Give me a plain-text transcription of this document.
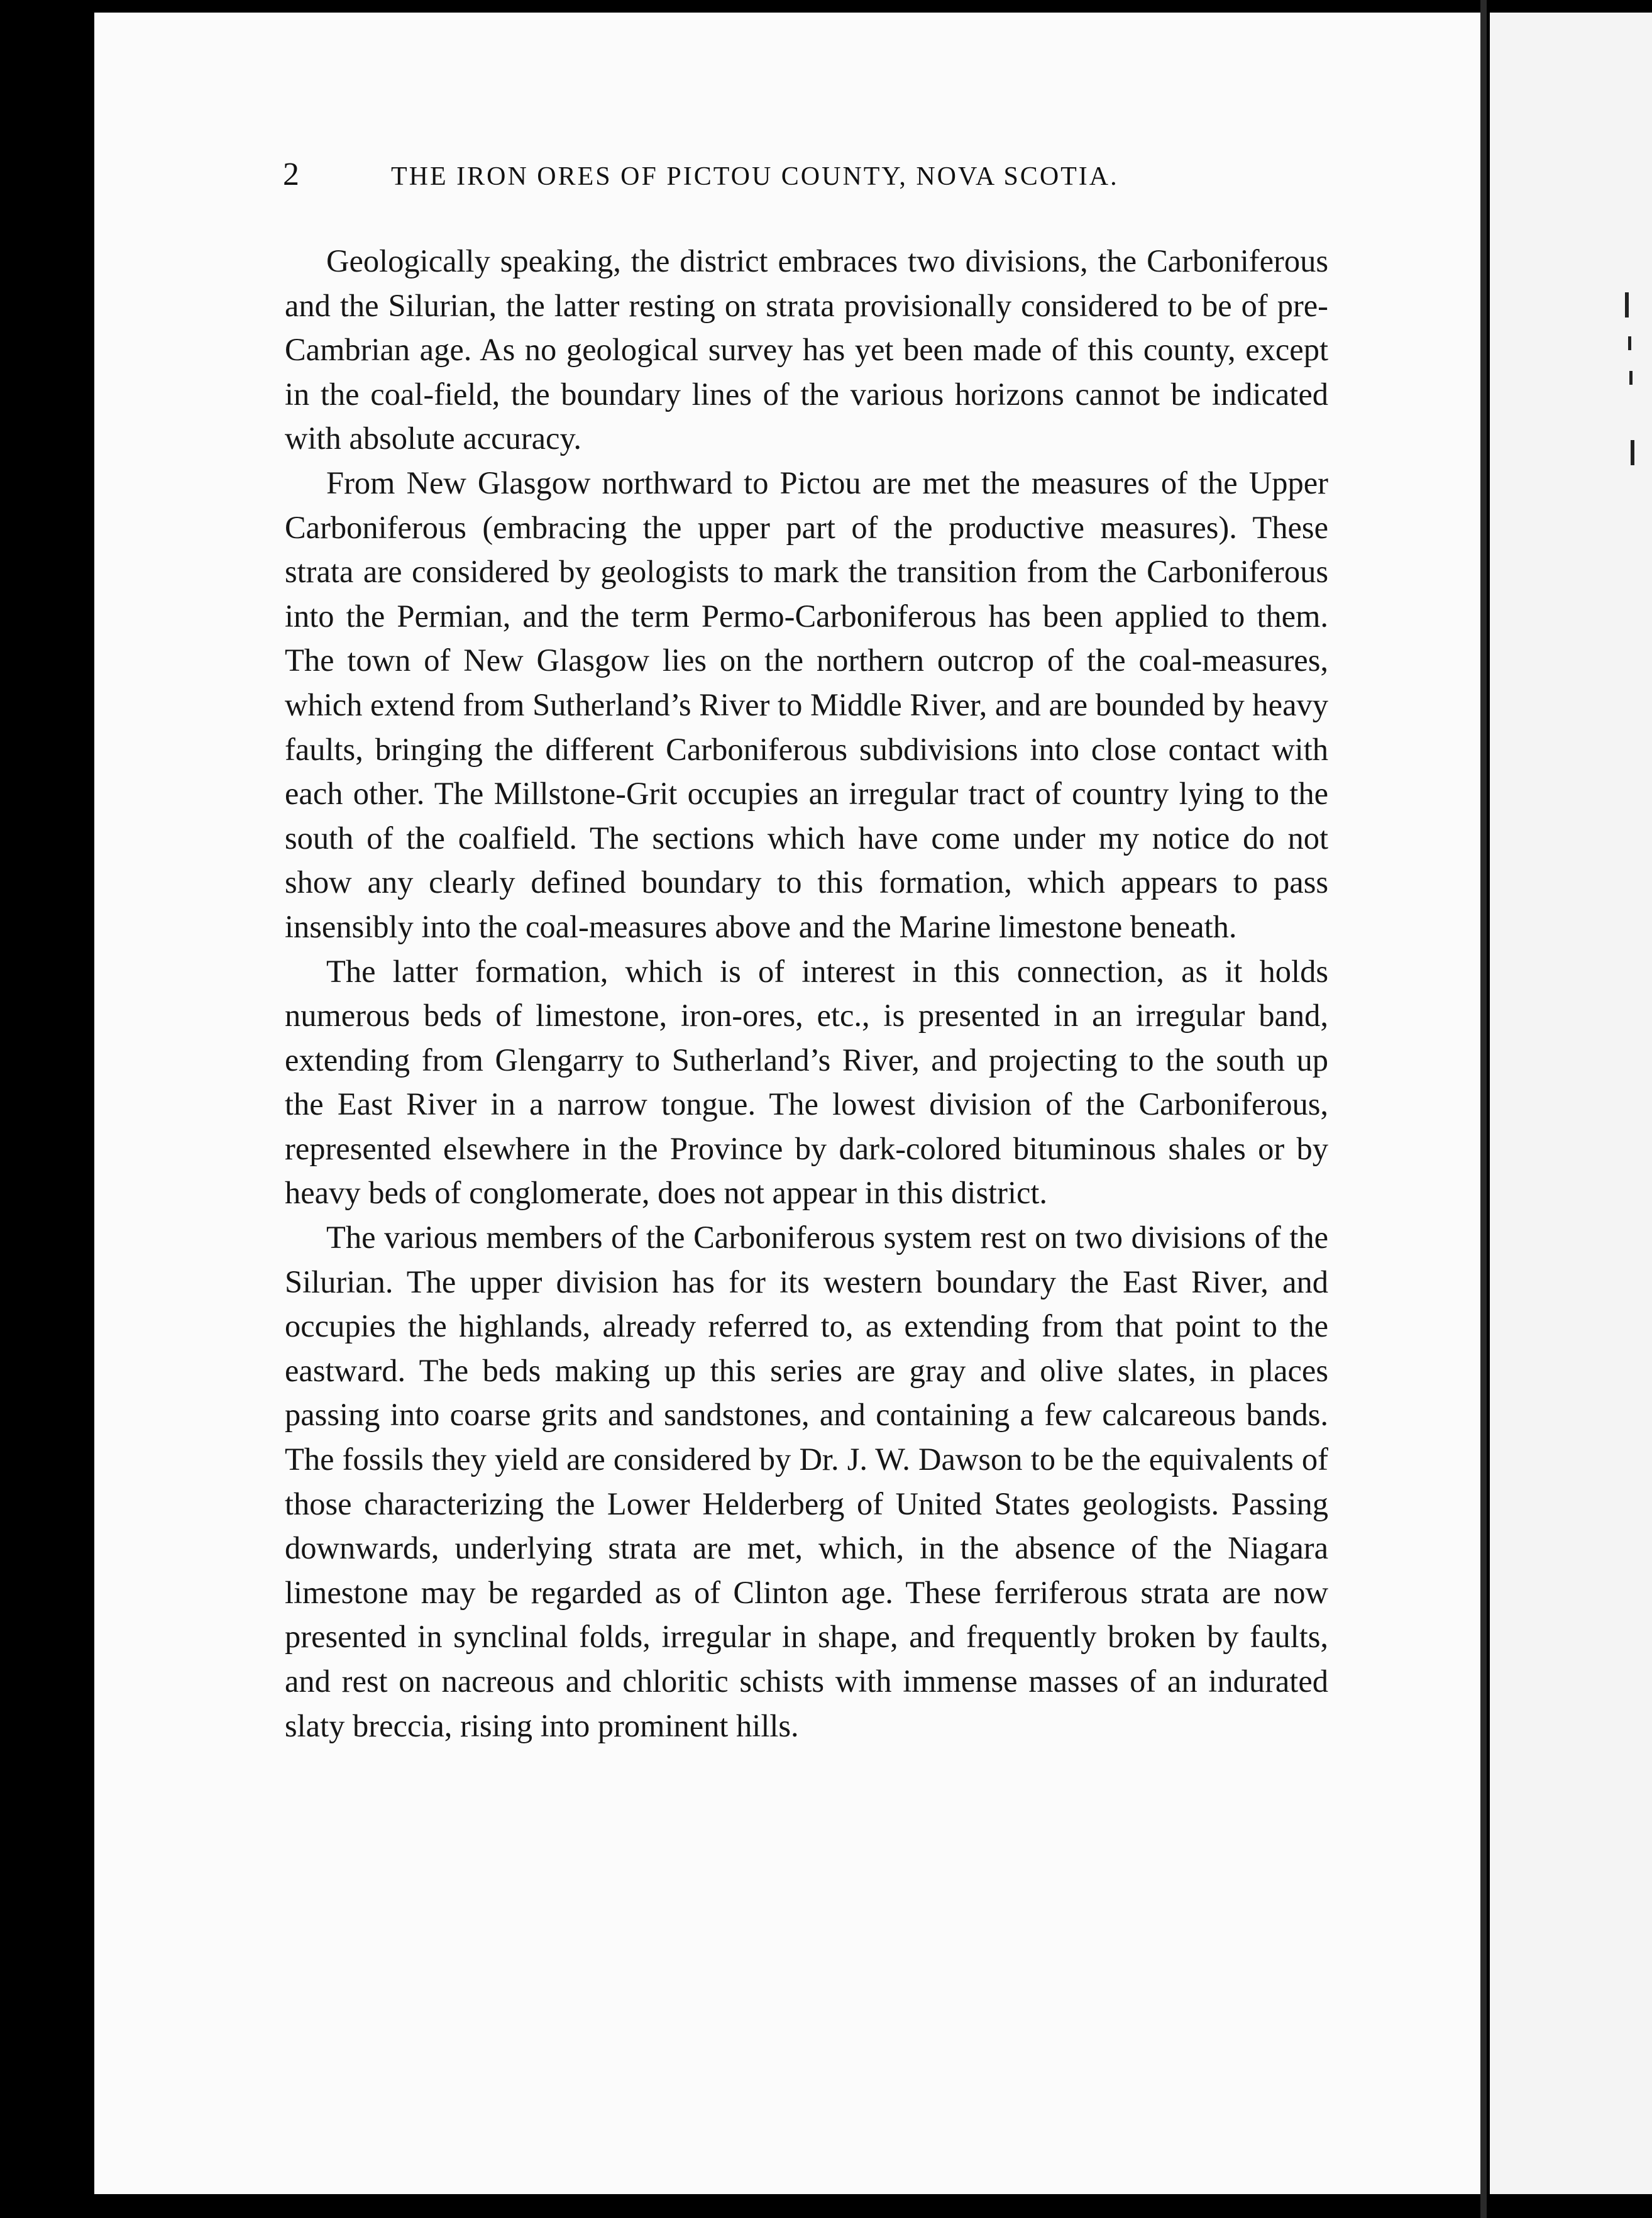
2	THE IRON ORES OF PICTOU COUNTY, NOVA SCOTIA.

Geologically speaking, the district embraces two divisions, the Carboniferous and the Silurian, the latter resting on strata provisionally considered to be of pre-Cambrian age. As no geological survey has yet been made of this county, except in the coal-field, the boundary lines of the various horizons cannot be indicated with absolute accuracy.

From New Glasgow northward to Pictou are met the measures of the Upper Carboniferous (embracing the upper part of the productive measures). These strata are considered by geologists to mark the transition from the Carboniferous into the Permian, and the term Permo-Carboniferous has been applied to them. The town of New Glasgow lies on the northern outcrop of the coal-measures, which extend from Sutherland’s River to Middle River, and are bounded by heavy faults, bringing the different Carboniferous subdivisions into close contact with each other. The Millstone-Grit occupies an irregular tract of country lying to the south of the coalfield. The sections which have come under my notice do not show any clearly defined boundary to this formation, which appears to pass insensibly into the coal-measures above and the Marine limestone beneath.

The latter formation, which is of interest in this connection, as it holds numerous beds of limestone, iron-ores, etc., is presented in an irregular band, extending from Glengarry to Sutherland’s River, and projecting to the south up the East River in a narrow tongue. The lowest division of the Carboniferous, represented elsewhere in the Province by dark-colored bituminous shales or by heavy beds of conglomerate, does not appear in this district.

The various members of the Carboniferous system rest on two divisions of the Silurian. The upper division has for its western boundary the East River, and occupies the highlands, already referred to, as extending from that point to the eastward. The beds making up this series are gray and olive slates, in places passing into coarse grits and sandstones, and containing a few calcareous bands. The fossils they yield are considered by Dr. J. W. Dawson to be the equivalents of those characterizing the Lower Helderberg of United States geologists. Passing downwards, underlying strata are met, which, in the absence of the Niagara limestone may be regarded as of Clinton age. These ferriferous strata are now presented in synclinal folds, irregular in shape, and frequently broken by faults, and rest on nacreous and chloritic schists with immense masses of an indurated slaty breccia, rising into prominent hills.
